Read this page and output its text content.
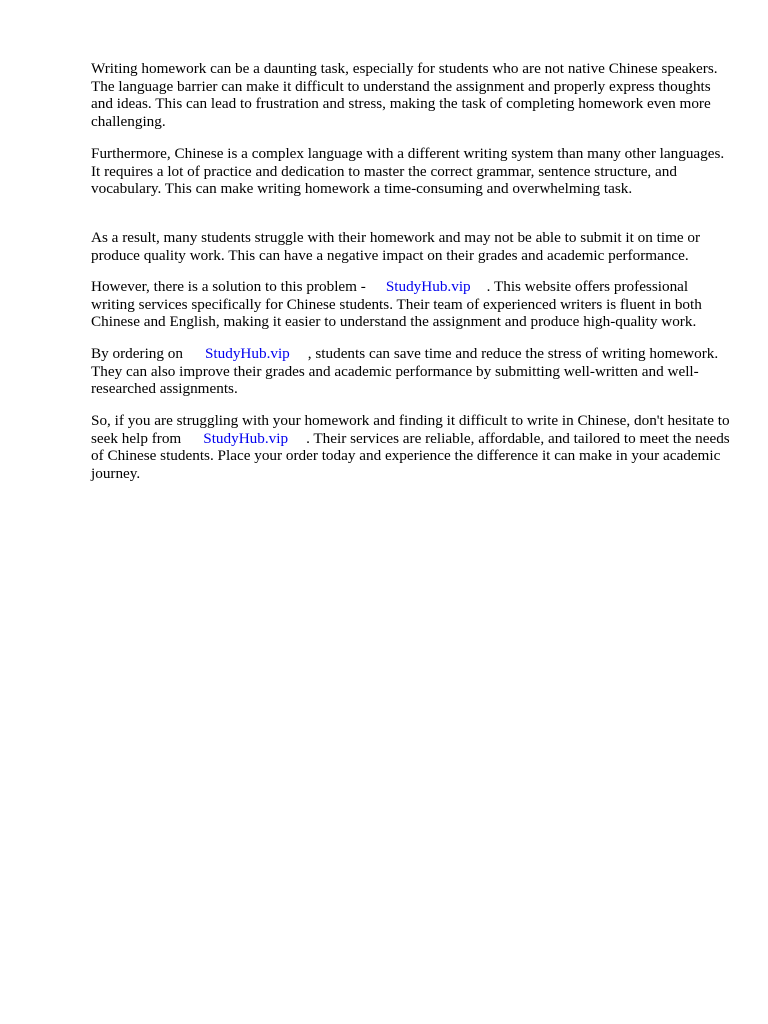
Writing homework can be a daunting task, especially for students who are not native Chinese speakers. The language barrier can make it difficult to understand the assignment and properly express thoughts and ideas. This can lead to frustration and stress, making the task of completing homework even more challenging.

Furthermore, Chinese is a complex language with a different writing system than many other languages. It requires a lot of practice and dedication to master the correct grammar, sentence structure, and vocabulary. This can make writing homework a time-consuming and overwhelming task.

As a result, many students struggle with their homework and may not be able to submit it on time or produce quality work. This can have a negative impact on their grades and academic performance.

However, there is a solution to this problem - StudyHub.vip . This website offers professional writing services specifically for Chinese students. Their team of experienced writers is fluent in both Chinese and English, making it easier to understand the assignment and produce high-quality work.

By ordering on StudyHub.vip , students can save time and reduce the stress of writing homework. They can also improve their grades and academic performance by submitting well-written and well-researched assignments.

So, if you are struggling with your homework and finding it difficult to write in Chinese, don't hesitate to seek help from StudyHub.vip . Their services are reliable, affordable, and tailored to meet the needs of Chinese students. Place your order today and experience the difference it can make in your academic journey.
